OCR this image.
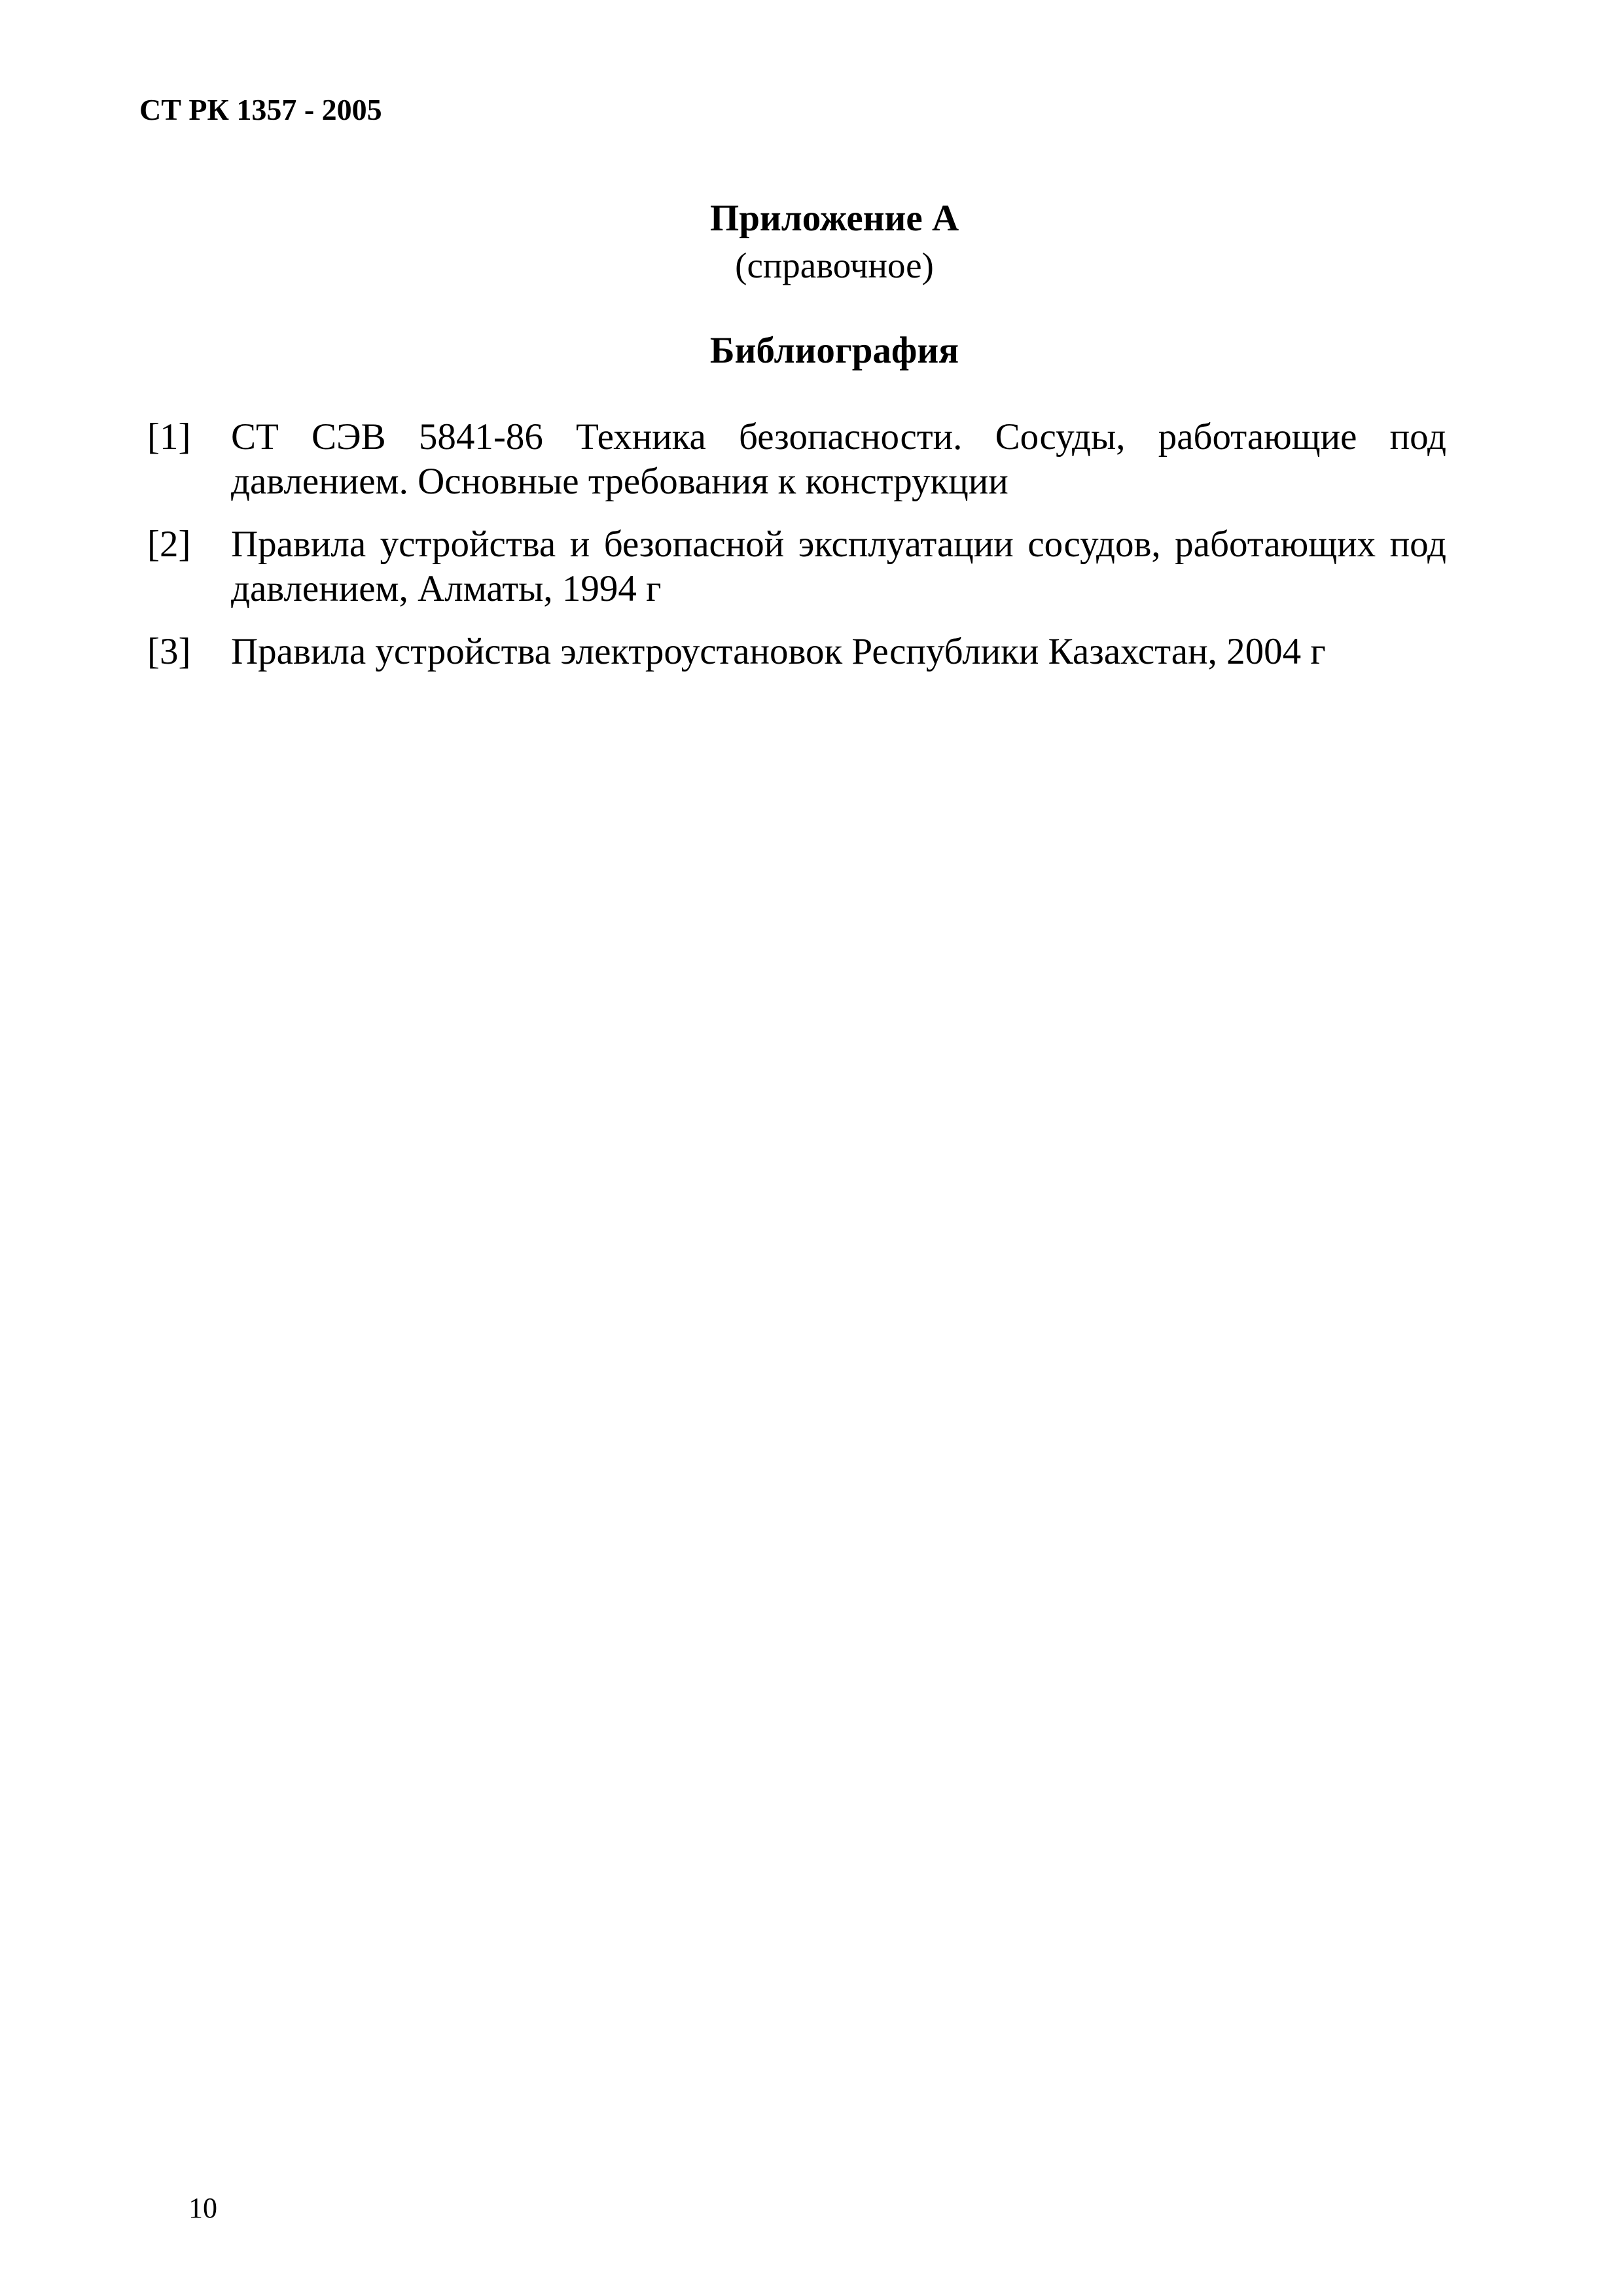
СТ РК 1357 - 2005
Приложение А
(справочное)
Библиография
[1]	СТ СЭВ 5841-86 Техника безопасности. Сосуды, работающие под давлением. Основные требования к конструкции
[2]	Правила устройства и безопасной эксплуатации сосудов, работающих под давлением, Алматы, 1994 г
[3]	Правила устройства электроустановок Республики Казахстан, 2004 г
10
